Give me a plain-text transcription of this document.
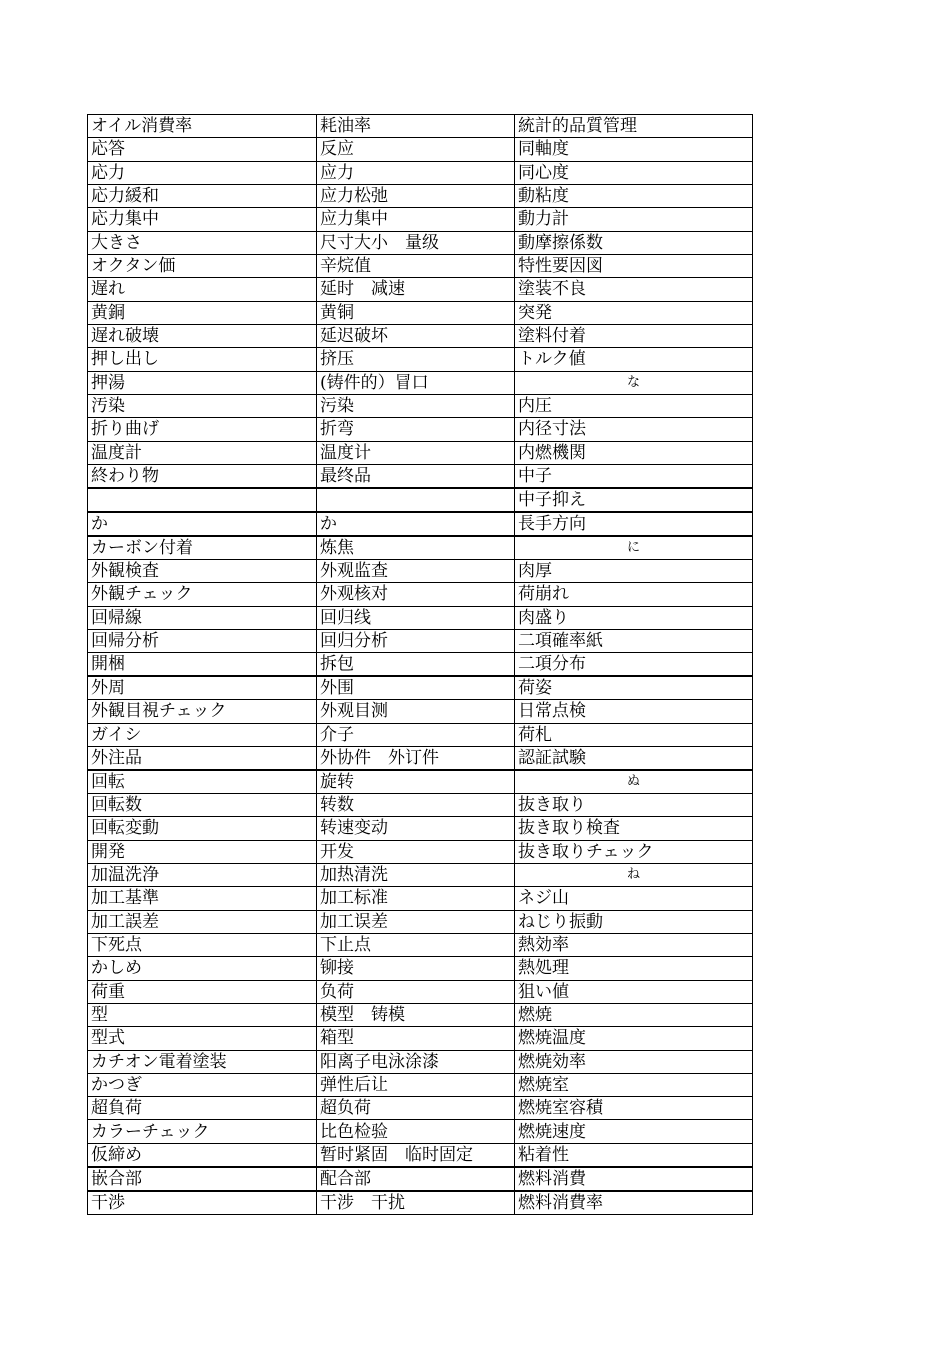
オイル消費率	耗油率	統計的品質管理
応答	反应	同軸度
応力	应力	同心度
応力緩和	应力松弛	動粘度
応力集中	应力集中	動力計
大きさ	尺寸大小　量级	動摩擦係数
オクタン価	辛烷值	特性要因図
遅れ	延时　减速	塗装不良
黄銅	黄铜	突発
遅れ破壊	延迟破坏	塗料付着
押し出し	挤压	トルク値
押湯	(铸件的）冒口	な
汚染	污染	内圧
折り曲げ	折弯	内径寸法
温度計	温度计	内燃機関
終わり物	最终品	中子
		中子抑え
か	か	長手方向
カーボン付着	炼焦	に
外観検査	外观监查	肉厚
外観チェック	外观核对	荷崩れ
回帰線	回归线	肉盛り
回帰分析	回归分析	二項確率紙
開梱	拆包	二項分布
外周	外围	荷姿
外観目視チェック	外观目测	日常点検
ガイシ	介子	荷札
外注品	外协件　外订件	認証試験
回転	旋转	ぬ
回転数	转数	抜き取り
回転変動	转速变动	抜き取り検査
開発	开发	抜き取りチェック
加温洗浄	加热清洗	ね
加工基準	加工标准	ネジ山
加工誤差	加工误差	ねじり振動
下死点	下止点	熱効率
かしめ	铆接	熱処理
荷重	负荷	狙い値
型	模型　铸模	燃焼
型式	箱型	燃焼温度
カチオン電着塗装	阳离子电泳涂漆	燃焼効率
かつぎ	弹性后让	燃焼室
超負荷	超负荷	燃焼室容積
カラーチェック	比色检验	燃焼速度
仮締め	暂时紧固　临时固定	粘着性
嵌合部	配合部	燃料消費
干渉	干涉　干扰	燃料消費率
